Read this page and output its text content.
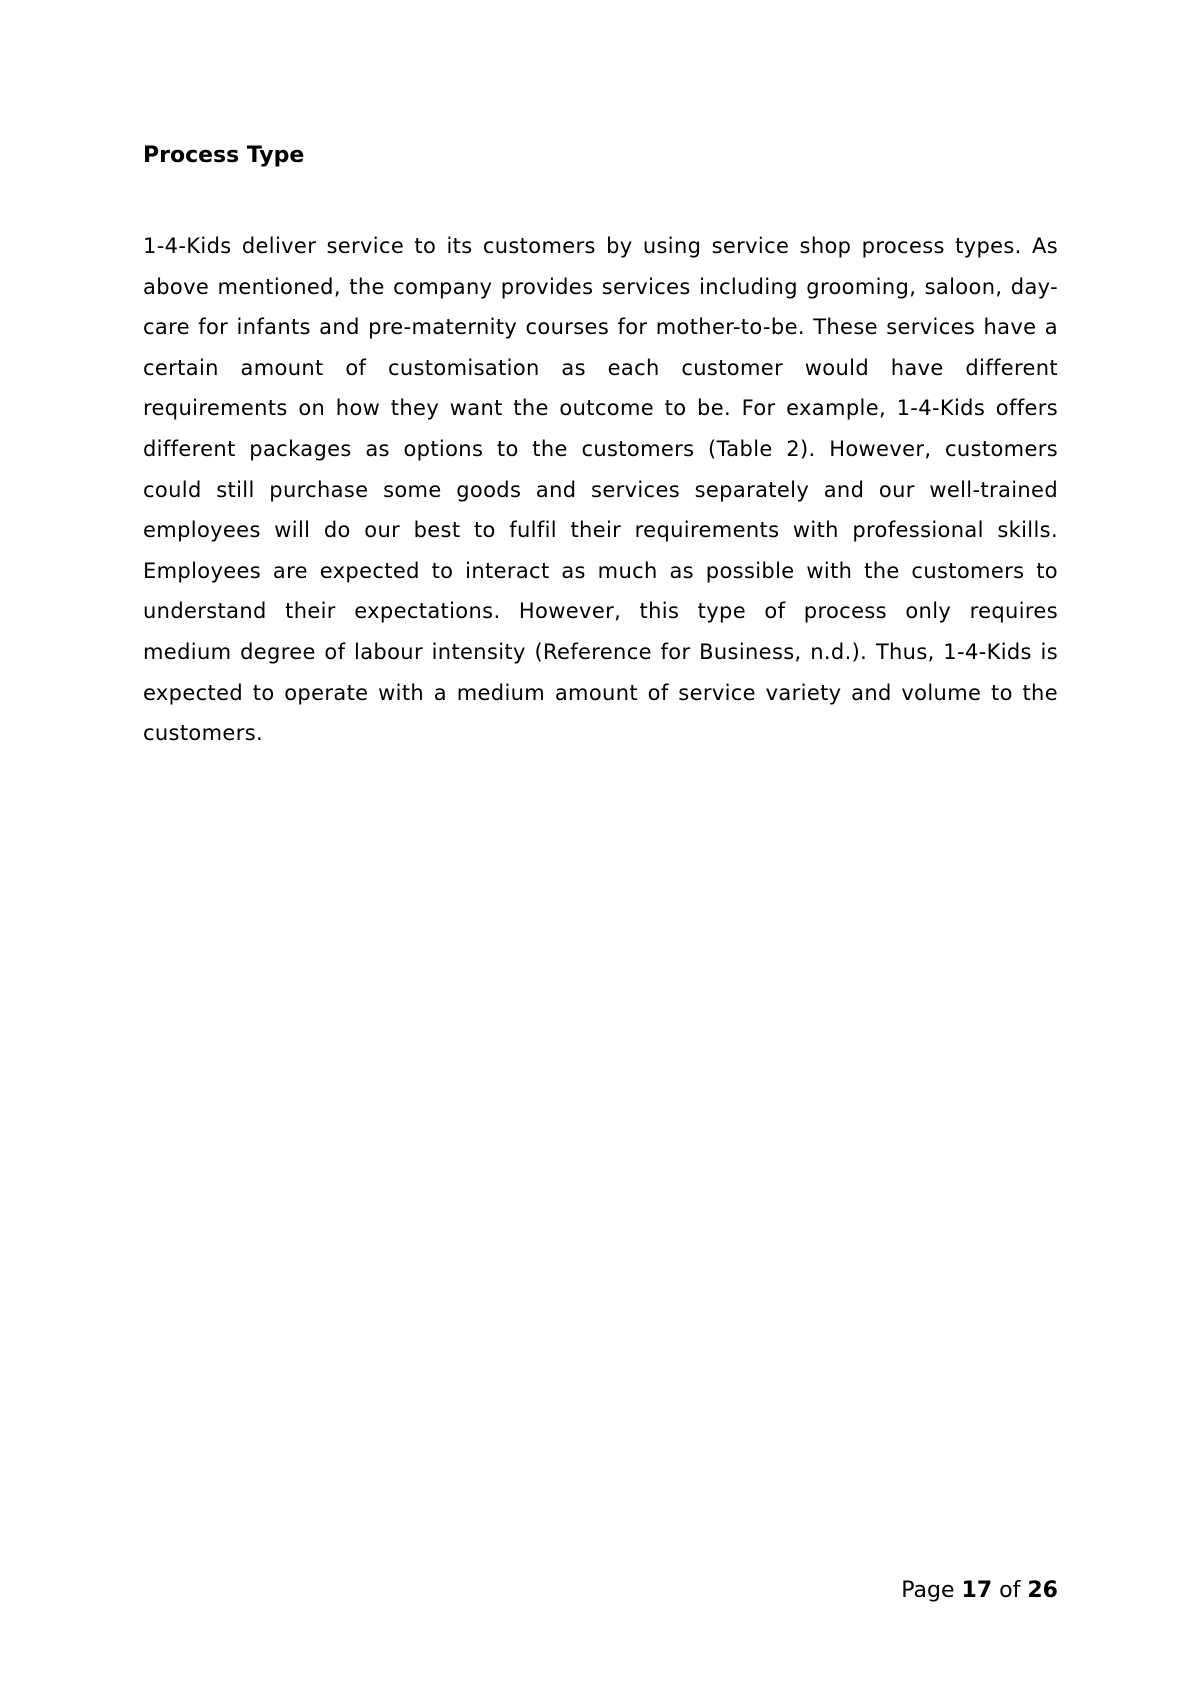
Process Type

1-4-Kids deliver service to its customers by using service shop process types. As above mentioned, the company provides services including grooming, saloon, day-care for infants and pre-maternity courses for mother-to-be. These services have a certain amount of customisation as each customer would have different requirements on how they want the outcome to be. For example, 1-4-Kids offers different packages as options to the customers (Table 2). However, customers could still purchase some goods and services separately and our well-trained employees will do our best to fulfil their requirements with professional skills. Employees are expected to interact as much as possible with the customers to understand their expectations. However, this type of process only requires medium degree of labour intensity (Reference for Business, n.d.). Thus, 1-4-Kids is expected to operate with a medium amount of service variety and volume to the customers.

Page 17 of 26
